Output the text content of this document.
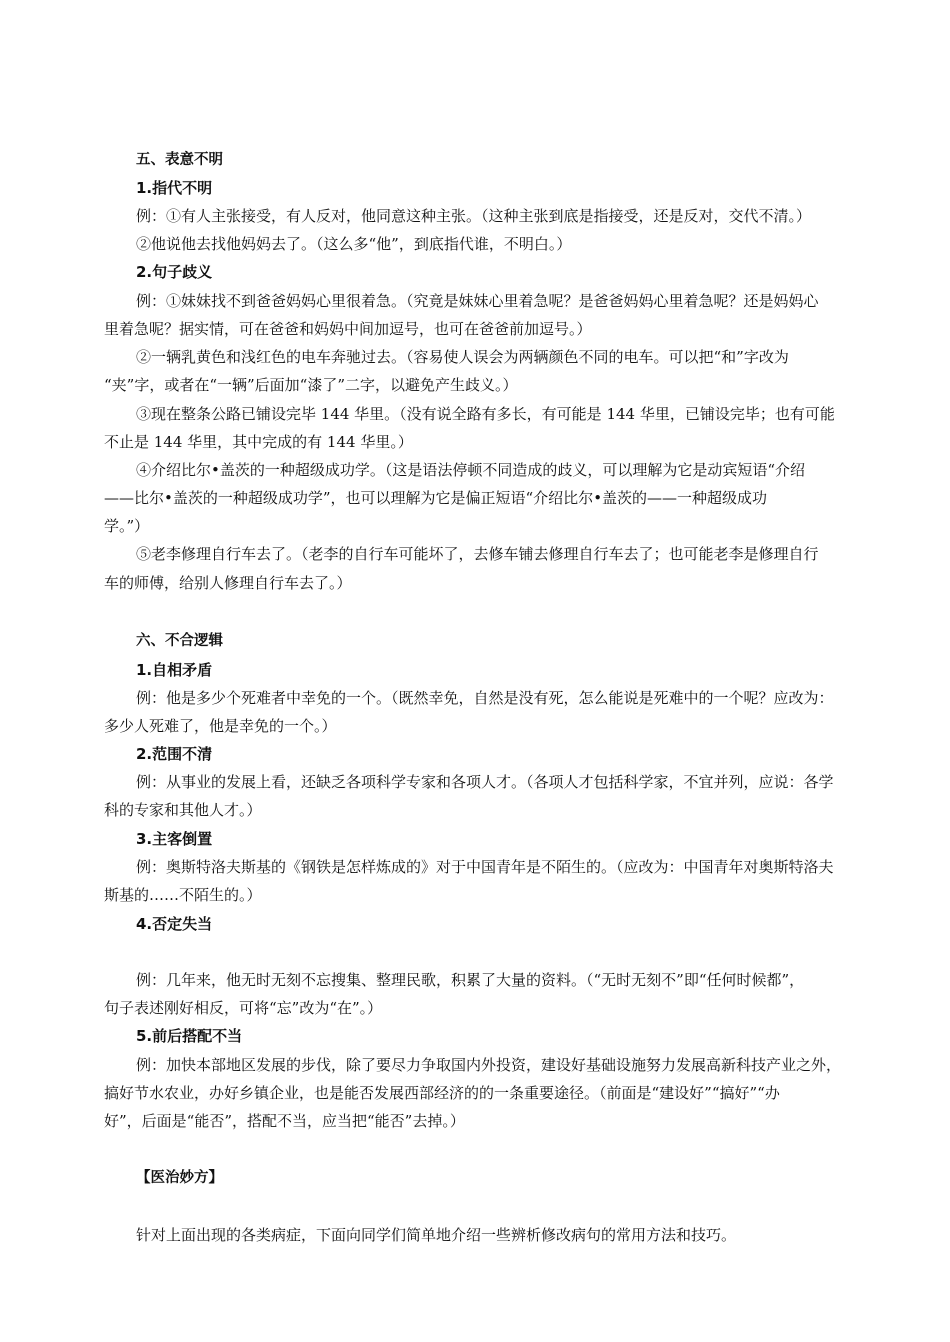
五、表意不明
1.指代不明
例：①有人主张接受，有人反对，他同意这种主张。（这种主张到底是指接受，还是反对，交代不清。）
②他说他去找他妈妈去了。（这么多“他”，到底指代谁，不明白。）
2.句子歧义
例：①妹妹找不到爸爸妈妈心里很着急。（究竟是妹妹心里着急呢？是爸爸妈妈心里着急呢？还是妈妈心
里着急呢？据实情，可在爸爸和妈妈中间加逗号，也可在爸爸前加逗号。）
②一辆乳黄色和浅红色的电车奔驰过去。（容易使人误会为两辆颜色不同的电车。可以把“和”字改为
“夹”字，或者在“一辆”后面加“漆了”二字，以避免产生歧义。）
③现在整条公路已铺设完毕 144 华里。（没有说全路有多长，有可能是 144 华里，已铺设完毕；也有可能
不止是 144 华里，其中完成的有 144 华里。）
④介绍比尔•盖茨的一种超级成功学。（这是语法停顿不同造成的歧义，可以理解为它是动宾短语“介绍
——比尔•盖茨的一种超级成功学”，也可以理解为它是偏正短语“介绍比尔•盖茨的——一种超级成功
学。”）
⑤老李修理自行车去了。（老李的自行车可能坏了，去修车铺去修理自行车去了；也可能老李是修理自行
车的师傅，给别人修理自行车去了。）
六、不合逻辑
1.自相矛盾
例：他是多少个死难者中幸免的一个。（既然幸免，自然是没有死，怎么能说是死难中的一个呢？应改为：
多少人死难了，他是幸免的一个。）
2.范围不清
例：从事业的发展上看，还缺乏各项科学专家和各项人才。（各项人才包括科学家，不宜并列，应说：各学
科的专家和其他人才。）
3.主客倒置
例：奥斯特洛夫斯基的《钢铁是怎样炼成的》对于中国青年是不陌生的。（应改为：中国青年对奥斯特洛夫
斯基的……不陌生的。）
4.否定失当
例：几年来，他无时无刻不忘搜集、整理民歌，积累了大量的资料。（“无时无刻不”即“任何时候都”，
句子表述刚好相反，可将“忘”改为“在”。）
5.前后搭配不当
例：加快本部地区发展的步伐，除了要尽力争取国内外投资，建设好基础设施努力发展高新科技产业之外，
搞好节水农业，办好乡镇企业，也是能否发展西部经济的的一条重要途径。（前面是“建设好”“搞好”“办
好”，后面是“能否”，搭配不当，应当把“能否”去掉。）
【医治妙方】
针对上面出现的各类病症，下面向同学们简单地介绍一些辨析修改病句的常用方法和技巧。
